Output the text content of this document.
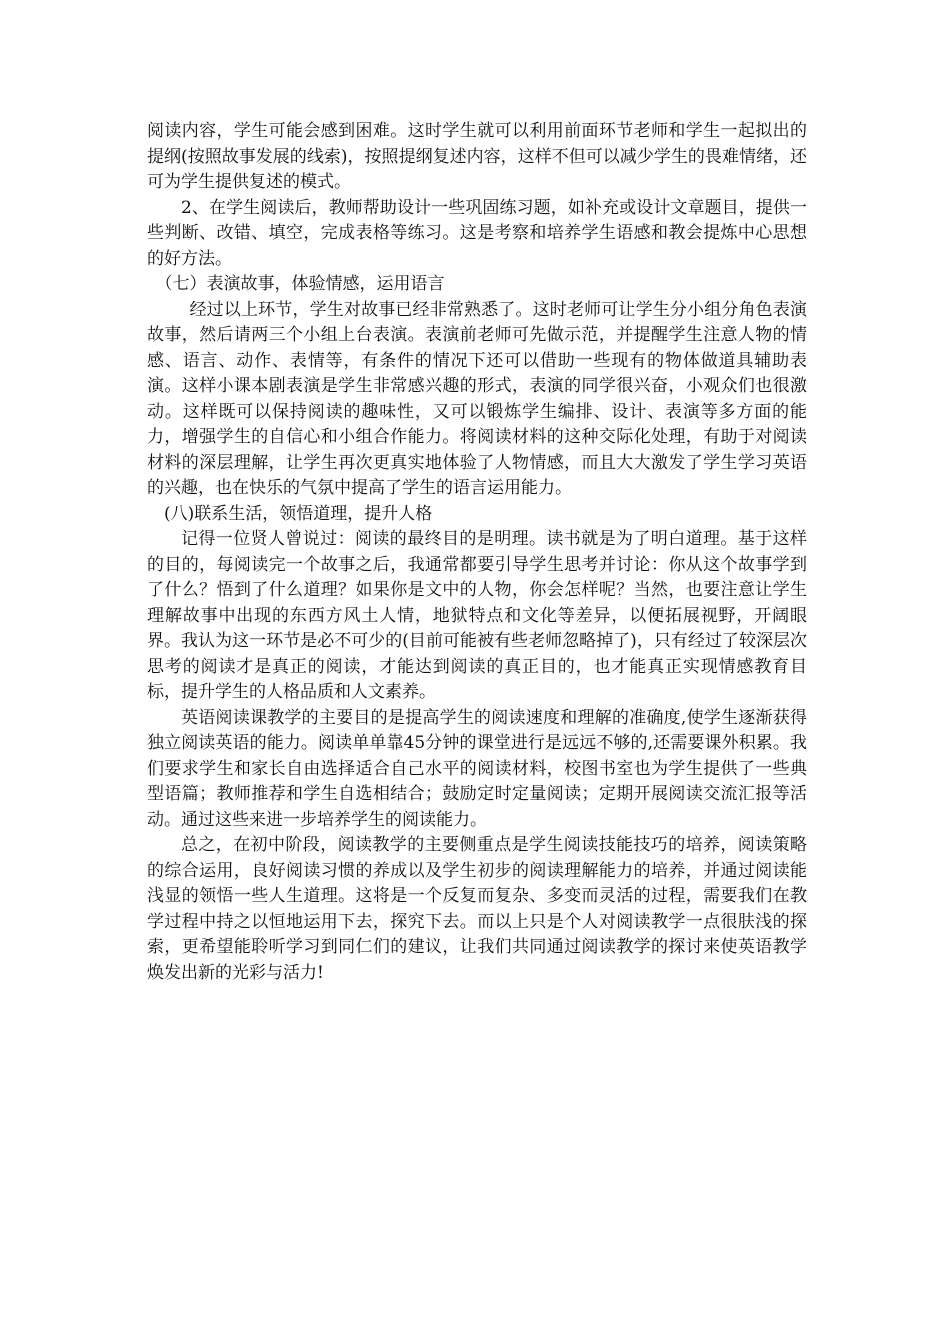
阅读内容，学生可能会感到困难。这时学生就可以利用前面环节老师和学生一起拟出的提纲(按照故事发展的线索)，按照提纲复述内容，这样不但可以减少学生的畏难情绪，还可为学生提供复述的模式。

2、在学生阅读后，教师帮助设计一些巩固练习题，如补充或设计文章题目，提供一些判断、改错、填空，完成表格等练习。这是考察和培养学生语感和教会提炼中心思想的好方法。

（七）表演故事，体验情感，运用语言

经过以上环节，学生对故事已经非常熟悉了。这时老师可让学生分小组分角色表演故事，然后请两三个小组上台表演。表演前老师可先做示范，并提醒学生注意人物的情感、语言、动作、表情等，有条件的情况下还可以借助一些现有的物体做道具辅助表演。这样小课本剧表演是学生非常感兴趣的形式，表演的同学很兴奋，小观众们也很激动。这样既可以保持阅读的趣味性，又可以锻炼学生编排、设计、表演等多方面的能力，增强学生的自信心和小组合作能力。将阅读材料的这种交际化处理，有助于对阅读材料的深层理解，让学生再次更真实地体验了人物情感，而且大大激发了学生学习英语的兴趣，也在快乐的气氛中提高了学生的语言运用能力。

(八)联系生活，领悟道理，提升人格

记得一位贤人曾说过：阅读的最终目的是明理。读书就是为了明白道理。基于这样的目的，每阅读完一个故事之后，我通常都要引导学生思考并讨论：你从这个故事学到了什么？悟到了什么道理？如果你是文中的人物，你会怎样呢？当然，也要注意让学生理解故事中出现的东西方风土人情，地狱特点和文化等差异，以便拓展视野，开阔眼界。我认为这一环节是必不可少的(目前可能被有些老师忽略掉了)，只有经过了较深层次思考的阅读才是真正的阅读，才能达到阅读的真正目的，也才能真正实现情感教育目标，提升学生的人格品质和人文素养。

英语阅读课教学的主要目的是提高学生的阅读速度和理解的准确度,使学生逐渐获得独立阅读英语的能力。阅读单单靠45分钟的课堂进行是远远不够的,还需要课外积累。我们要求学生和家长自由选择适合自己水平的阅读材料，校图书室也为学生提供了一些典型语篇；教师推荐和学生自选相结合；鼓励定时定量阅读；定期开展阅读交流汇报等活动。通过这些来进一步培养学生的阅读能力。

总之，在初中阶段，阅读教学的主要侧重点是学生阅读技能技巧的培养，阅读策略的综合运用，良好阅读习惯的养成以及学生初步的阅读理解能力的培养，并通过阅读能浅显的领悟一些人生道理。这将是一个反复而复杂、多变而灵活的过程，需要我们在教学过程中持之以恒地运用下去，探究下去。而以上只是个人对阅读教学一点很肤浅的探索，更希望能聆听学习到同仁们的建议，让我们共同通过阅读教学的探讨来使英语教学焕发出新的光彩与活力!
